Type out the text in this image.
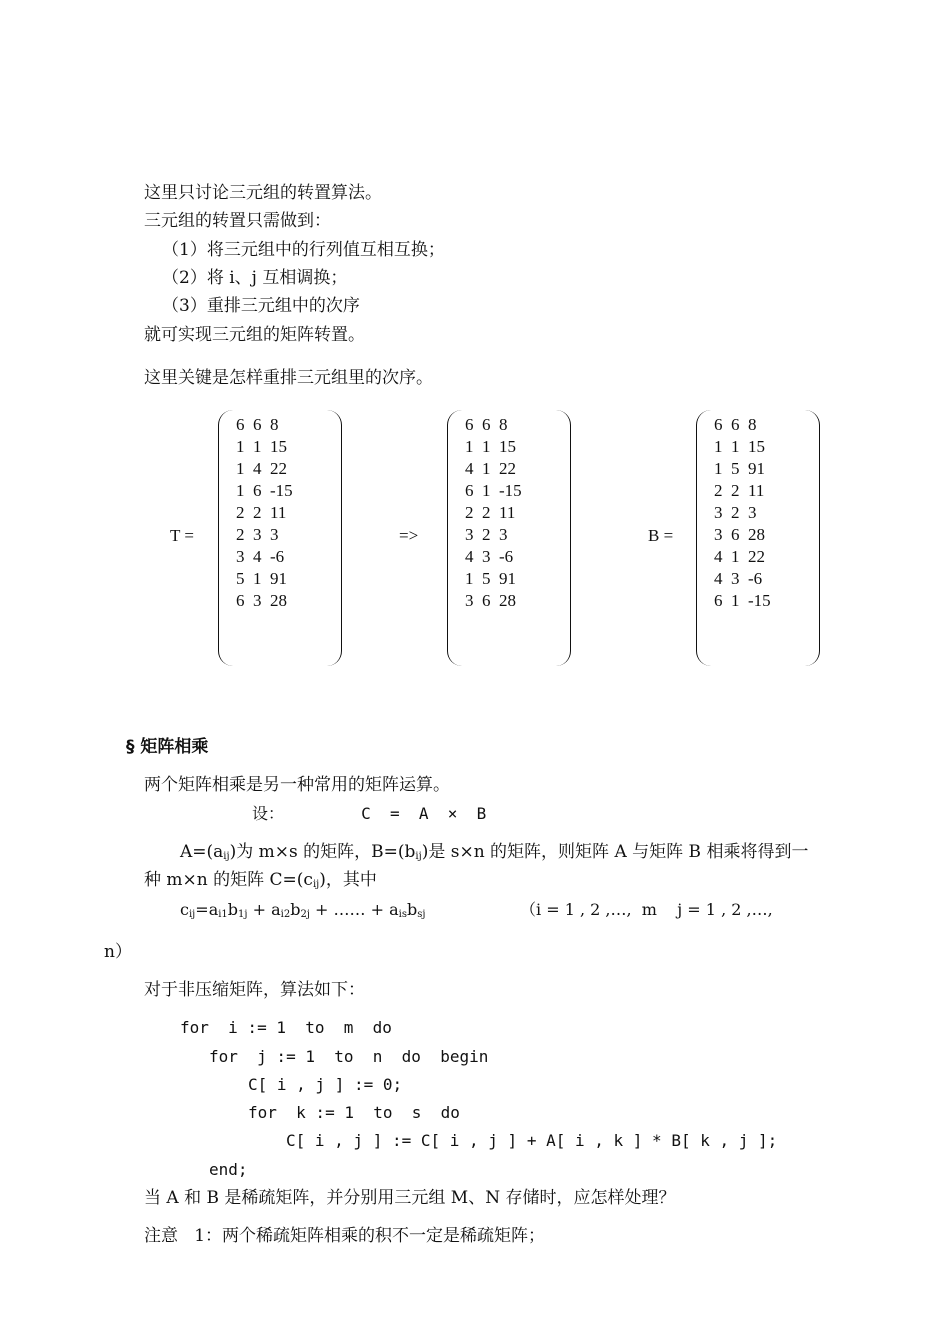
这里只讨论三元组的转置算法。
三元组的转置只需做到：
（1）将三元组中的行列值互相互换；
（2）将 i、j 互相调换；
（3）重排三元组中的次序
就可实现三元组的矩阵转置。
这里关键是怎样重排三元组里的次序。
T =
6  6  8
1  1  15
1  4  22
1  6  -15
2  2  11
2  3  3
3  4  -6
5  1  91
6  3  28
=>
6  6  8
1  1  15
4  1  22
6  1  -15
2  2  11
3  2  3
4  3  -6
1  5  91
3  6  28
B =
6  6  8
1  1  15
1  5  91
2  2  11
3  2  3
3  6  28
4  1  22
4  3  -6
6  1  -15
§ 矩阵相乘
两个矩阵相乘是另一种常用的矩阵运算。
设：        C  =  A  ×  B
$A=(a_{ij})$为 m×s 的矩阵，$B=(b_{ij})$是 s×n 的矩阵，则矩阵 A 与矩阵 B 相乘将得到一
种 m×n 的矩阵 $C=(c_{ij})$，其中
$c_{ij}=a_{i1}b_{1j} + a_{i2}b_{2j}$ + …… + $a_{is}b_{sj}$	（i = 1 , 2 ,…,  m    j = 1 , 2 ,…,
n）
对于非压缩矩阵，算法如下：
for  i := 1  to  m  do
for  j := 1  to  n  do  begin
C[ i , j ] := 0;
for  k := 1  to  s  do
C[ i , j ] := C[ i , j ] + A[ i , k ] * B[ k , j ];
end;
当 A 和 B 是稀疏矩阵，并分别用三元组 M、N 存储时，应怎样处理？
注意   1：两个稀疏矩阵相乘的积不一定是稀疏矩阵；
